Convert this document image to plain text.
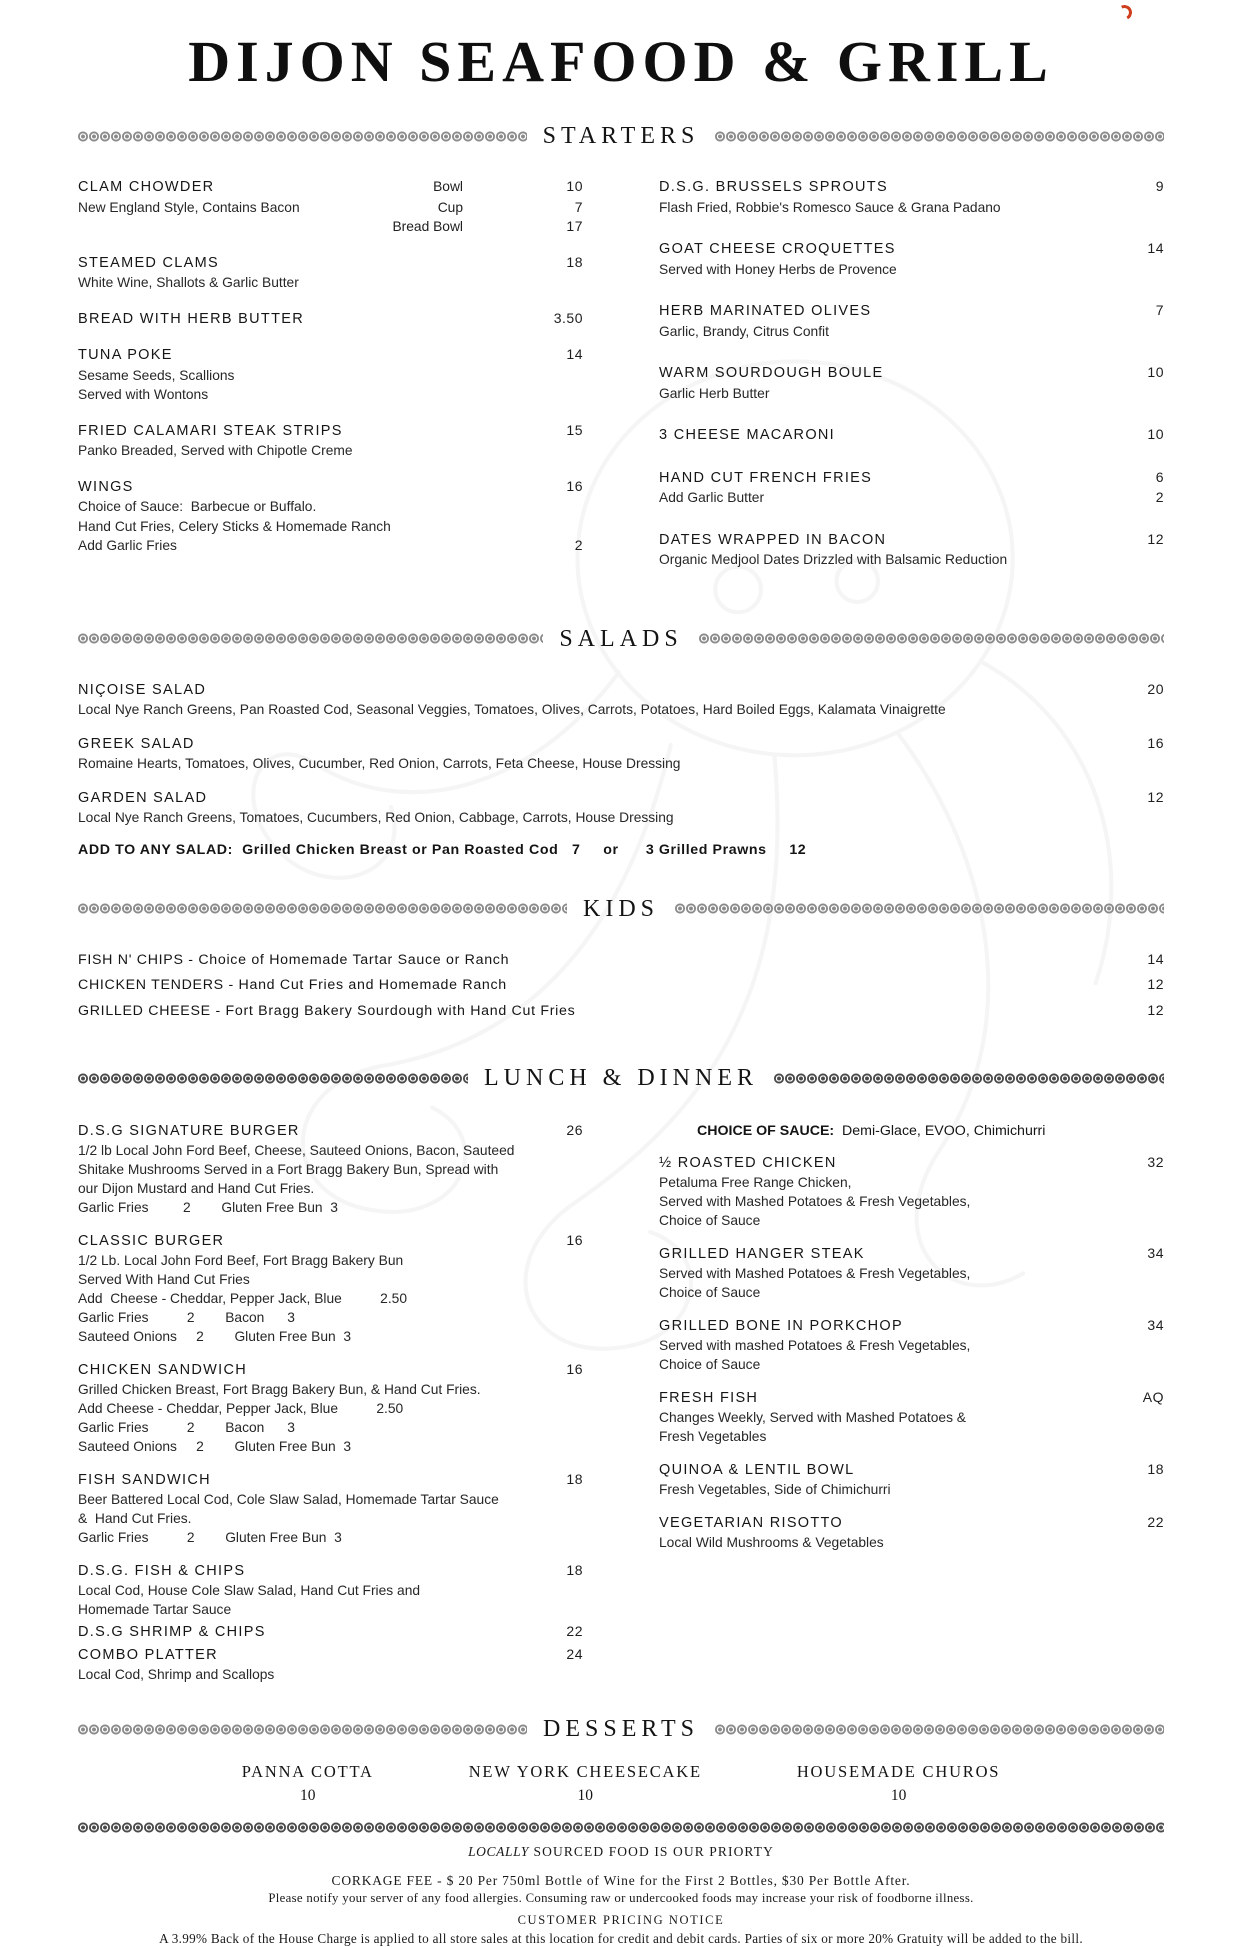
DIJON SEAFOOD & GRILL
STARTERS
CLAM CHOWDER	Bowl	10
New England Style, Contains Bacon	Cup	7
Bread Bowl	17
STEAMED CLAMS	18
White Wine, Shallots & Garlic Butter
BREAD WITH HERB BUTTER	3.50
TUNA POKE	14
Sesame Seeds, Scallions
Served with Wontons
FRIED CALAMARI STEAK STRIPS	15
Panko Breaded, Served with Chipotle Creme
WINGS	16
Choice of Sauce:  Barbecue or Buffalo.
Hand Cut Fries, Celery Sticks & Homemade Ranch
Add Garlic Fries	2
D.S.G. BRUSSELS SPROUTS	9
Flash Fried, Robbie's Romesco Sauce & Grana Padano
GOAT CHEESE CROQUETTES	14
Served with Honey Herbs de Provence
HERB MARINATED OLIVES	7
Garlic, Brandy, Citrus Confit
WARM SOURDOUGH BOULE	10
Garlic Herb Butter
3 CHEESE MACARONI	10
HAND CUT FRENCH FRIES	6
Add Garlic Butter	2
DATES WRAPPED IN BACON	12
Organic Medjool Dates Drizzled with Balsamic Reduction
SALADS
NIÇOISE SALAD	20
Local Nye Ranch Greens, Pan Roasted Cod, Seasonal Veggies, Tomatoes, Olives, Carrots, Potatoes, Hard Boiled Eggs, Kalamata Vinaigrette
GREEK SALAD	16
Romaine Hearts, Tomatoes, Olives, Cucumber, Red Onion, Carrots, Feta Cheese, House Dressing
GARDEN SALAD	12
Local Nye Ranch Greens, Tomatoes, Cucumbers, Red Onion, Cabbage, Carrots, House Dressing
ADD TO ANY SALAD:  Grilled Chicken Breast or Pan Roasted Cod   7     or      3 Grilled Prawns     12
KIDS
FISH N' CHIPS - Choice of Homemade Tartar Sauce or Ranch	14
CHICKEN TENDERS - Hand Cut Fries and Homemade Ranch	12
GRILLED CHEESE - Fort Bragg Bakery Sourdough with Hand Cut Fries	12
LUNCH & DINNER
D.S.G SIGNATURE BURGER	26
1/2 lb Local John Ford Beef, Cheese, Sauteed Onions, Bacon, Sauteed
Shitake Mushrooms Served in a Fort Bragg Bakery Bun, Spread with
our Dijon Mustard and Hand Cut Fries.
Garlic Fries         2        Gluten Free Bun  3
CLASSIC BURGER	16
1/2 Lb. Local John Ford Beef, Fort Bragg Bakery Bun
Served With Hand Cut Fries
Add  Cheese - Cheddar, Pepper Jack, Blue          2.50
Garlic Fries          2        Bacon      3
Sauteed Onions     2        Gluten Free Bun  3
CHICKEN SANDWICH	16
Grilled Chicken Breast, Fort Bragg Bakery Bun, & Hand Cut Fries.
Add Cheese - Cheddar, Pepper Jack, Blue          2.50
Garlic Fries          2        Bacon      3
Sauteed Onions     2        Gluten Free Bun  3
FISH SANDWICH	18
Beer Battered Local Cod, Cole Slaw Salad, Homemade Tartar Sauce
&  Hand Cut Fries.
Garlic Fries          2        Gluten Free Bun  3
D.S.G. FISH & CHIPS	18
Local Cod, House Cole Slaw Salad, Hand Cut Fries and
Homemade Tartar Sauce
D.S.G SHRIMP & CHIPS	22
COMBO PLATTER	24
Local Cod, Shrimp and Scallops
CHOICE OF SAUCE:  Demi-Glace, EVOO, Chimichurri
½ ROASTED CHICKEN	32
Petaluma Free Range Chicken,
Served with Mashed Potatoes & Fresh Vegetables,
Choice of Sauce
GRILLED HANGER STEAK	34
Served with Mashed Potatoes & Fresh Vegetables,
Choice of Sauce
GRILLED BONE IN PORKCHOP	34
Served with mashed Potatoes & Fresh Vegetables,
Choice of Sauce
FRESH FISH	AQ
Changes Weekly, Served with Mashed Potatoes &
Fresh Vegetables
QUINOA & LENTIL BOWL	18
Fresh Vegetables, Side of Chimichurri
VEGETARIAN RISOTTO	22
Local Wild Mushrooms & Vegetables
DESSERTS
PANNA COTTA
10
NEW YORK CHEESECAKE
10
HOUSEMADE CHUROS
10
LOCALLY SOURCED FOOD IS OUR PRIORTY
CORKAGE FEE - $ 20 Per 750ml Bottle of Wine for the First 2 Bottles, $30 Per Bottle After.
Please notify your server of any food allergies. Consuming raw or undercooked foods may increase your risk of foodborne illness.
CUSTOMER PRICING NOTICE
A 3.99% Back of the House Charge is applied to all store sales at this location for credit and debit cards. Parties of six or more 20% Gratuity will be added to the bill.
